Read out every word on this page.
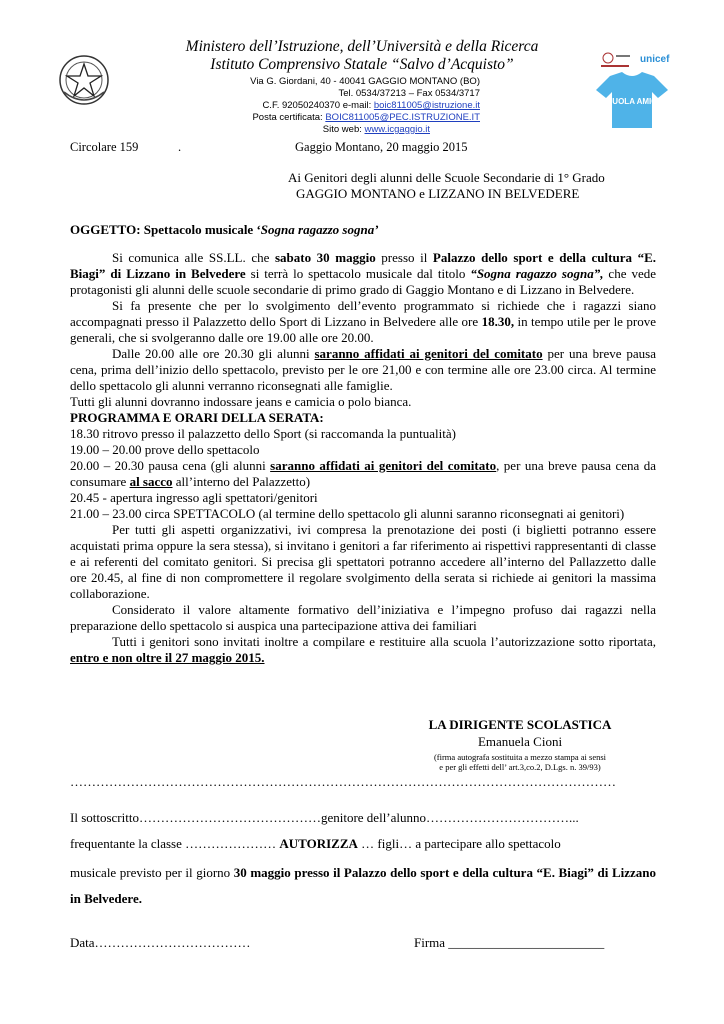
Ministero dell’Istruzione, dell’Università e della Ricerca
Istituto Comprensivo Statale “Salvo d’Acquisto”
Via G. Giordani, 40 - 40041 GAGGIO MONTANO (BO)
Tel. 0534/37213 – Fax 0534/3717
C.F. 92050240370 e-mail: boic811005@istruzione.it
Posta certificata: BOIC811005@PEC.ISTRUZIONE.IT
Sito web: www.icgaggio.it
unicef
SCUOLA AMICA
Circolare 159	.	Gaggio Montano, 20 maggio 2015
Ai Genitori degli alunni delle Scuole Secondarie di 1° Grado
GAGGIO MONTANO e LIZZANO IN BELVEDERE
OGGETTO: Spettacolo musicale ‘Sogna ragazzo sogna’

Si comunica alle SS.LL. che sabato 30 maggio presso il Palazzo dello sport e della cultura “E. Biagi” di Lizzano in Belvedere si terrà lo spettacolo musicale dal titolo “Sogna ragazzo sogna”, che vede protagonisti gli alunni delle scuole secondarie di primo grado di Gaggio Montano e di Lizzano in Belvedere.

Si fa presente che per lo svolgimento dell’evento programmato si richiede che i ragazzi siano accompagnati presso il Palazzetto dello Sport di Lizzano in Belvedere alle ore 18.30, in tempo utile per le prove generali, che si svolgeranno dalle ore 19.00 alle ore 20.00.

Dalle 20.00 alle ore 20.30 gli alunni saranno affidati ai genitori del comitato per una breve pausa cena, prima dell’inizio dello spettacolo, previsto per le ore 21,00 e con termine alle ore 23.00 circa. Al termine dello spettacolo gli alunni verranno riconsegnati alle famiglie.

Tutti gli alunni dovranno indossare jeans e camicia o polo bianca.

PROGRAMMA E ORARI DELLA SERATA:

18.30 ritrovo presso il palazzetto dello Sport (si raccomanda la puntualità)

19.00 – 20.00 prove dello spettacolo

20.00 – 20.30 pausa cena (gli alunni saranno affidati ai genitori del comitato, per una breve pausa cena da consumare al sacco all’interno del Palazzetto)

20.45 - apertura ingresso agli spettatori/genitori

21.00 – 23.00 circa SPETTACOLO (al termine dello spettacolo gli alunni saranno riconsegnati ai genitori)

Per tutti gli aspetti organizzativi, ivi compresa la prenotazione dei posti (i biglietti potranno essere acquistati prima oppure la sera stessa), si invitano i genitori a far riferimento ai rispettivi rappresentanti di classe e ai referenti del comitato genitori. Si precisa gli spettatori potranno accedere all’interno del Pallazzetto dalle ore 20.45, al fine di non compromettere il regolare svolgimento della serata si richiede ai genitori la massima collaborazione.

Considerato il valore altamente formativo dell’iniziativa e l’impegno profuso dai ragazzi nella preparazione dello spettacolo si auspica una partecipazione attiva dei familiari

Tutti i genitori sono invitati inoltre a compilare e restituire alla scuola l’autorizzazione sotto riportata, entro e non oltre il 27 maggio 2015.

LA DIRIGENTE SCOLASTICA
Emanuela Cioni
(firma autografa sostituita a mezzo stampa ai sensi
e per gli effetti dell’ art.3,co.2, D.Lgs. n. 39/93)
………………………………………………………………………………………………………………
Il sottoscritto……………………………………genitore dell’alunno……………………………...
frequentante la classe ………………… AUTORIZZA … figli… a partecipare allo spettacolo
musicale previsto per il giorno 30 maggio presso il Palazzo dello sport e della cultura “E. Biagi” di Lizzano in Belvedere.
Data………………………………	Firma ________________________
